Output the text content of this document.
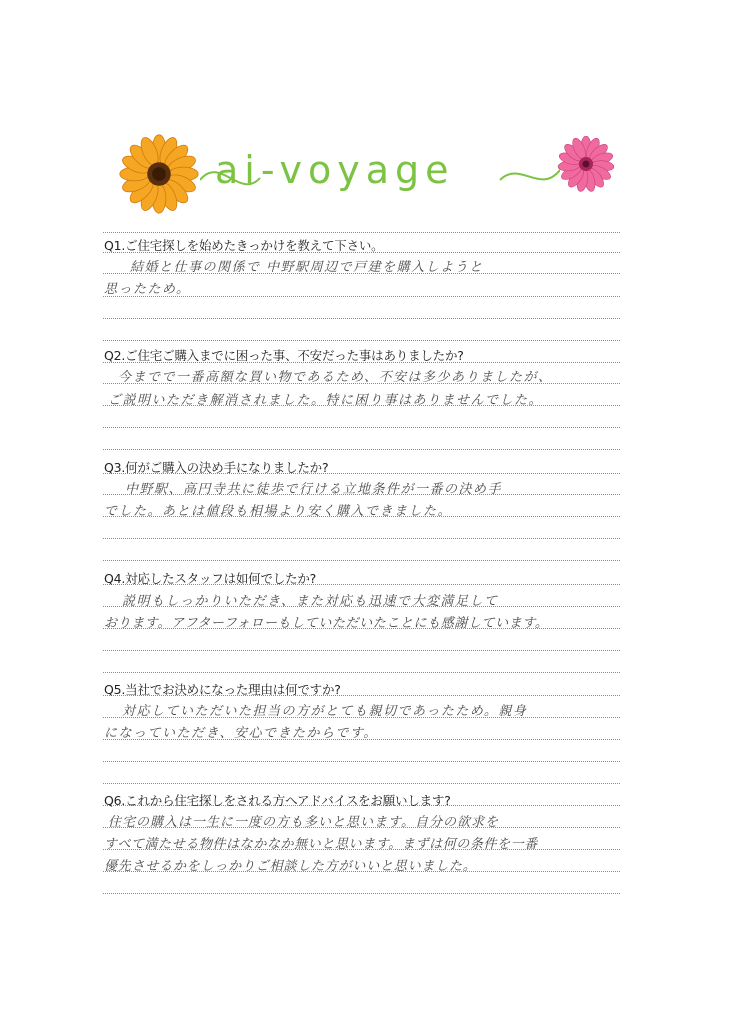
ai-voyage
Q1.ご住宅探しを始めたきっかけを教えて下さい。
結婚と仕事の関係で 中野駅周辺で戸建を購入しようと
思ったため。
Q2.ご住宅ご購入までに困った事、不安だった事はありましたか?
今までで一番高額な買い物であるため、不安は多少ありましたが、
ご説明いただき解消されました。特に困り事はありませんでした。
Q3.何がご購入の決め手になりましたか?
中野駅、高円寺共に徒歩で行ける立地条件が一番の決め手
でした。あとは値段も相場より安く購入できました。
Q4.対応したスタッフは如何でしたか?
説明もしっかりいただき、また対応も迅速で大変満足して
おります。アフターフォローもしていただいたことにも感謝しています。
Q5.当社でお決めになった理由は何ですか?
対応していただいた担当の方がとても親切であったため。親身
になっていただき、安心できたからです。
Q6.これから住宅探しをされる方へアドバイスをお願いします?
住宅の購入は一生に一度の方も多いと思います。自分の欲求を
すべて満たせる物件はなかなか無いと思います。まずは何の条件を一番
優先させるかをしっかりご相談した方がいいと思いました。
